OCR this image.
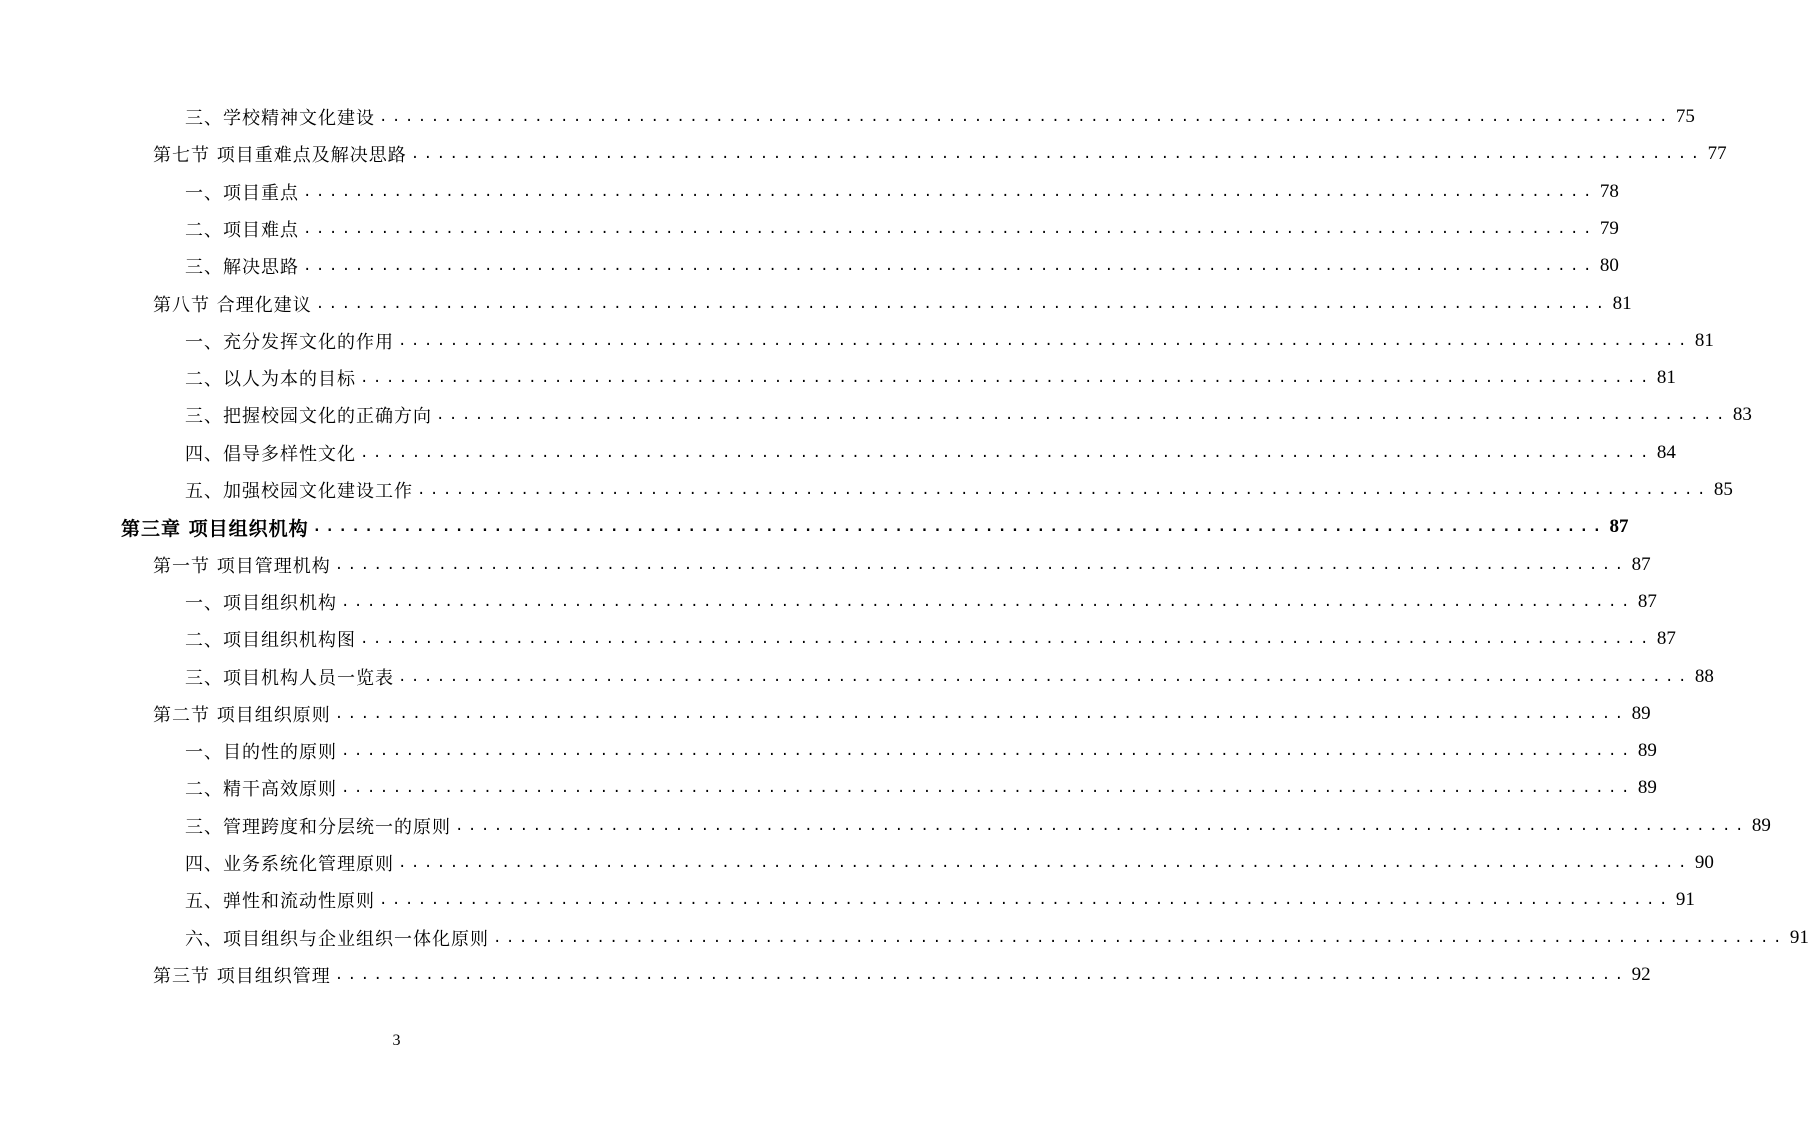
三、学校精神文化建设 .................................................................................................... 75
第七节 项目重难点及解决思路 .................................................................................................... 77
一、项目重点 .................................................................................................... 78
二、项目难点 .................................................................................................... 79
三、解决思路 .................................................................................................... 80
第八节 合理化建议 .................................................................................................... 81
一、充分发挥文化的作用 .................................................................................................... 81
二、以人为本的目标 .................................................................................................... 81
三、把握校园文化的正确方向 .................................................................................................... 83
四、倡导多样性文化 .................................................................................................... 84
五、加强校园文化建设工作 .................................................................................................... 85
第三章 项目组织机构 .................................................................................................... 87
第一节 项目管理机构 .................................................................................................... 87
一、项目组织机构 .................................................................................................... 87
二、项目组织机构图 .................................................................................................... 87
三、项目机构人员一览表 .................................................................................................... 88
第二节 项目组织原则 .................................................................................................... 89
一、目的性的原则 .................................................................................................... 89
二、精干高效原则 .................................................................................................... 89
三、管理跨度和分层统一的原则 .................................................................................................... 89
四、业务系统化管理原则 .................................................................................................... 90
五、弹性和流动性原则 .................................................................................................... 91
六、项目组织与企业组织一体化原则 .................................................................................................... 91
第三节 项目组织管理 .................................................................................................... 92
3
